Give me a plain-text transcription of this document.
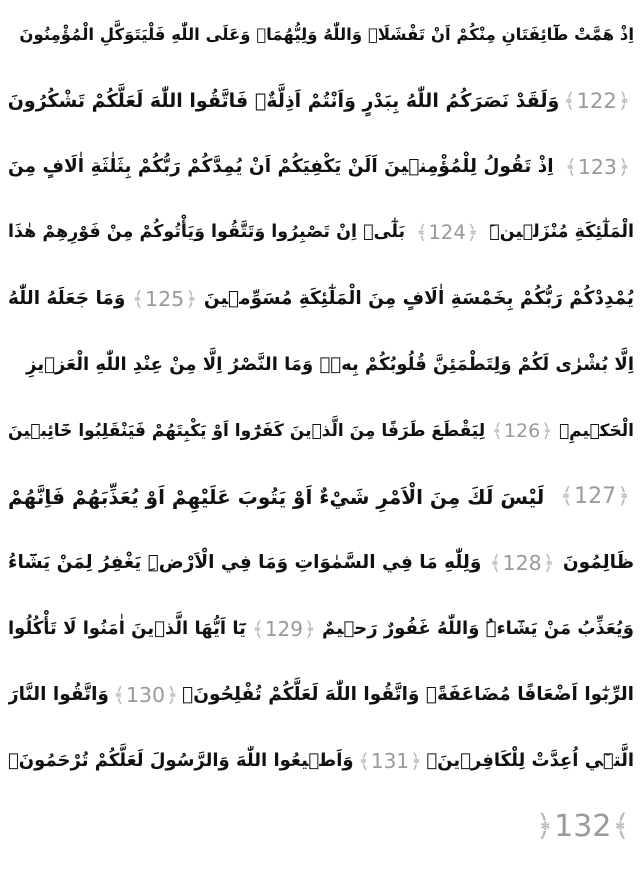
اِذْ هَمَّتْ طَٓائِفَتَانِ مِنْكُمْ اَنْ تَفْشَلَاۙ وَاللّٰهُ وَلِيُّهُمَاۜ وَعَلَى اللّٰهِ فَلْيَتَوَكَّلِ الْمُؤْمِنُونَ
﴿
122
﴾
وَلَقَدْ نَصَرَكُمُ اللّٰهُ بِبَدْرٍ وَاَنْتُمْ اَذِلَّةٌۚ فَاتَّقُوا اللّٰهَ لَعَلَّكُمْ تَشْكُرُونَ
﴿
123
﴾
اِذْ تَقُولُ لِلْمُؤْمِن۪ينَ اَلَنْ يَكْفِيَكُمْ اَنْ يُمِدَّكُمْ رَبُّكُمْ بِثَلٰثَةِ اٰلَافٍ مِنَ
الْمَلٰٓئِكَةِ مُنْزَل۪ينَۜ
﴿
124
﴾
بَلٰٓىۙ اِنْ تَصْبِرُوا وَتَتَّقُوا وَيَأْتُوكُمْ مِنْ فَوْرِهِمْ هٰذَا
يُمْدِدْكُمْ رَبُّكُمْ بِخَمْسَةِ اٰلَافٍ مِنَ الْمَلٰٓئِكَةِ مُسَوِّم۪ينَ
﴿
125
﴾
وَمَا جَعَلَهُ اللّٰهُ
اِلَّا بُشْرٰى لَكُمْ وَلِتَطْمَئِنَّ قُلُوبُكُمْ بِه۪ۜ وَمَا النَّصْرُ اِلَّا مِنْ عِنْدِ اللّٰهِ الْعَز۪يزِ
الْحَك۪يمِۙ
﴿
126
﴾
لِيَقْطَعَ طَرَفًا مِنَ الَّذ۪ينَ كَفَرُٓوا اَوْ يَكْبِتَهُمْ فَيَنْقَلِبُوا خَٓائِب۪ينَ
﴿
127
﴾
لَيْسَ لَكَ مِنَ الْاَمْرِ شَيْءٌ اَوْ يَتُوبَ عَلَيْهِمْ اَوْ يُعَذِّبَهُمْ فَاِنَّهُمْ
ظَالِمُونَ
﴿
128
﴾
وَلِلّٰهِ مَا فِي السَّمٰوَاتِ وَمَا فِي الْاَرْضِۜ يَغْفِرُ لِمَنْ يَشَٓاءُ
وَيُعَذِّبُ مَنْ يَشَٓاءُۜ وَاللّٰهُ غَفُورٌ رَح۪يمٌ
﴿
129
﴾
يَٓا اَيُّهَا الَّذ۪ينَ اٰمَنُوا لَا تَأْكُلُوا
الرِّبٰٓوا اَضْعَافًا مُضَاعَفَةًۖ وَاتَّقُوا اللّٰهَ لَعَلَّكُمْ تُفْلِحُونَۚ
﴿
130
﴾
وَاتَّقُوا النَّارَ
الَّت۪ٓي اُعِدَّتْ لِلْكَافِر۪ينَۚ
﴿
131
﴾
وَاَط۪يعُوا اللّٰهَ وَالرَّسُولَ لَعَلَّكُمْ تُرْحَمُونَۚ
﴿ 132 ﴾
